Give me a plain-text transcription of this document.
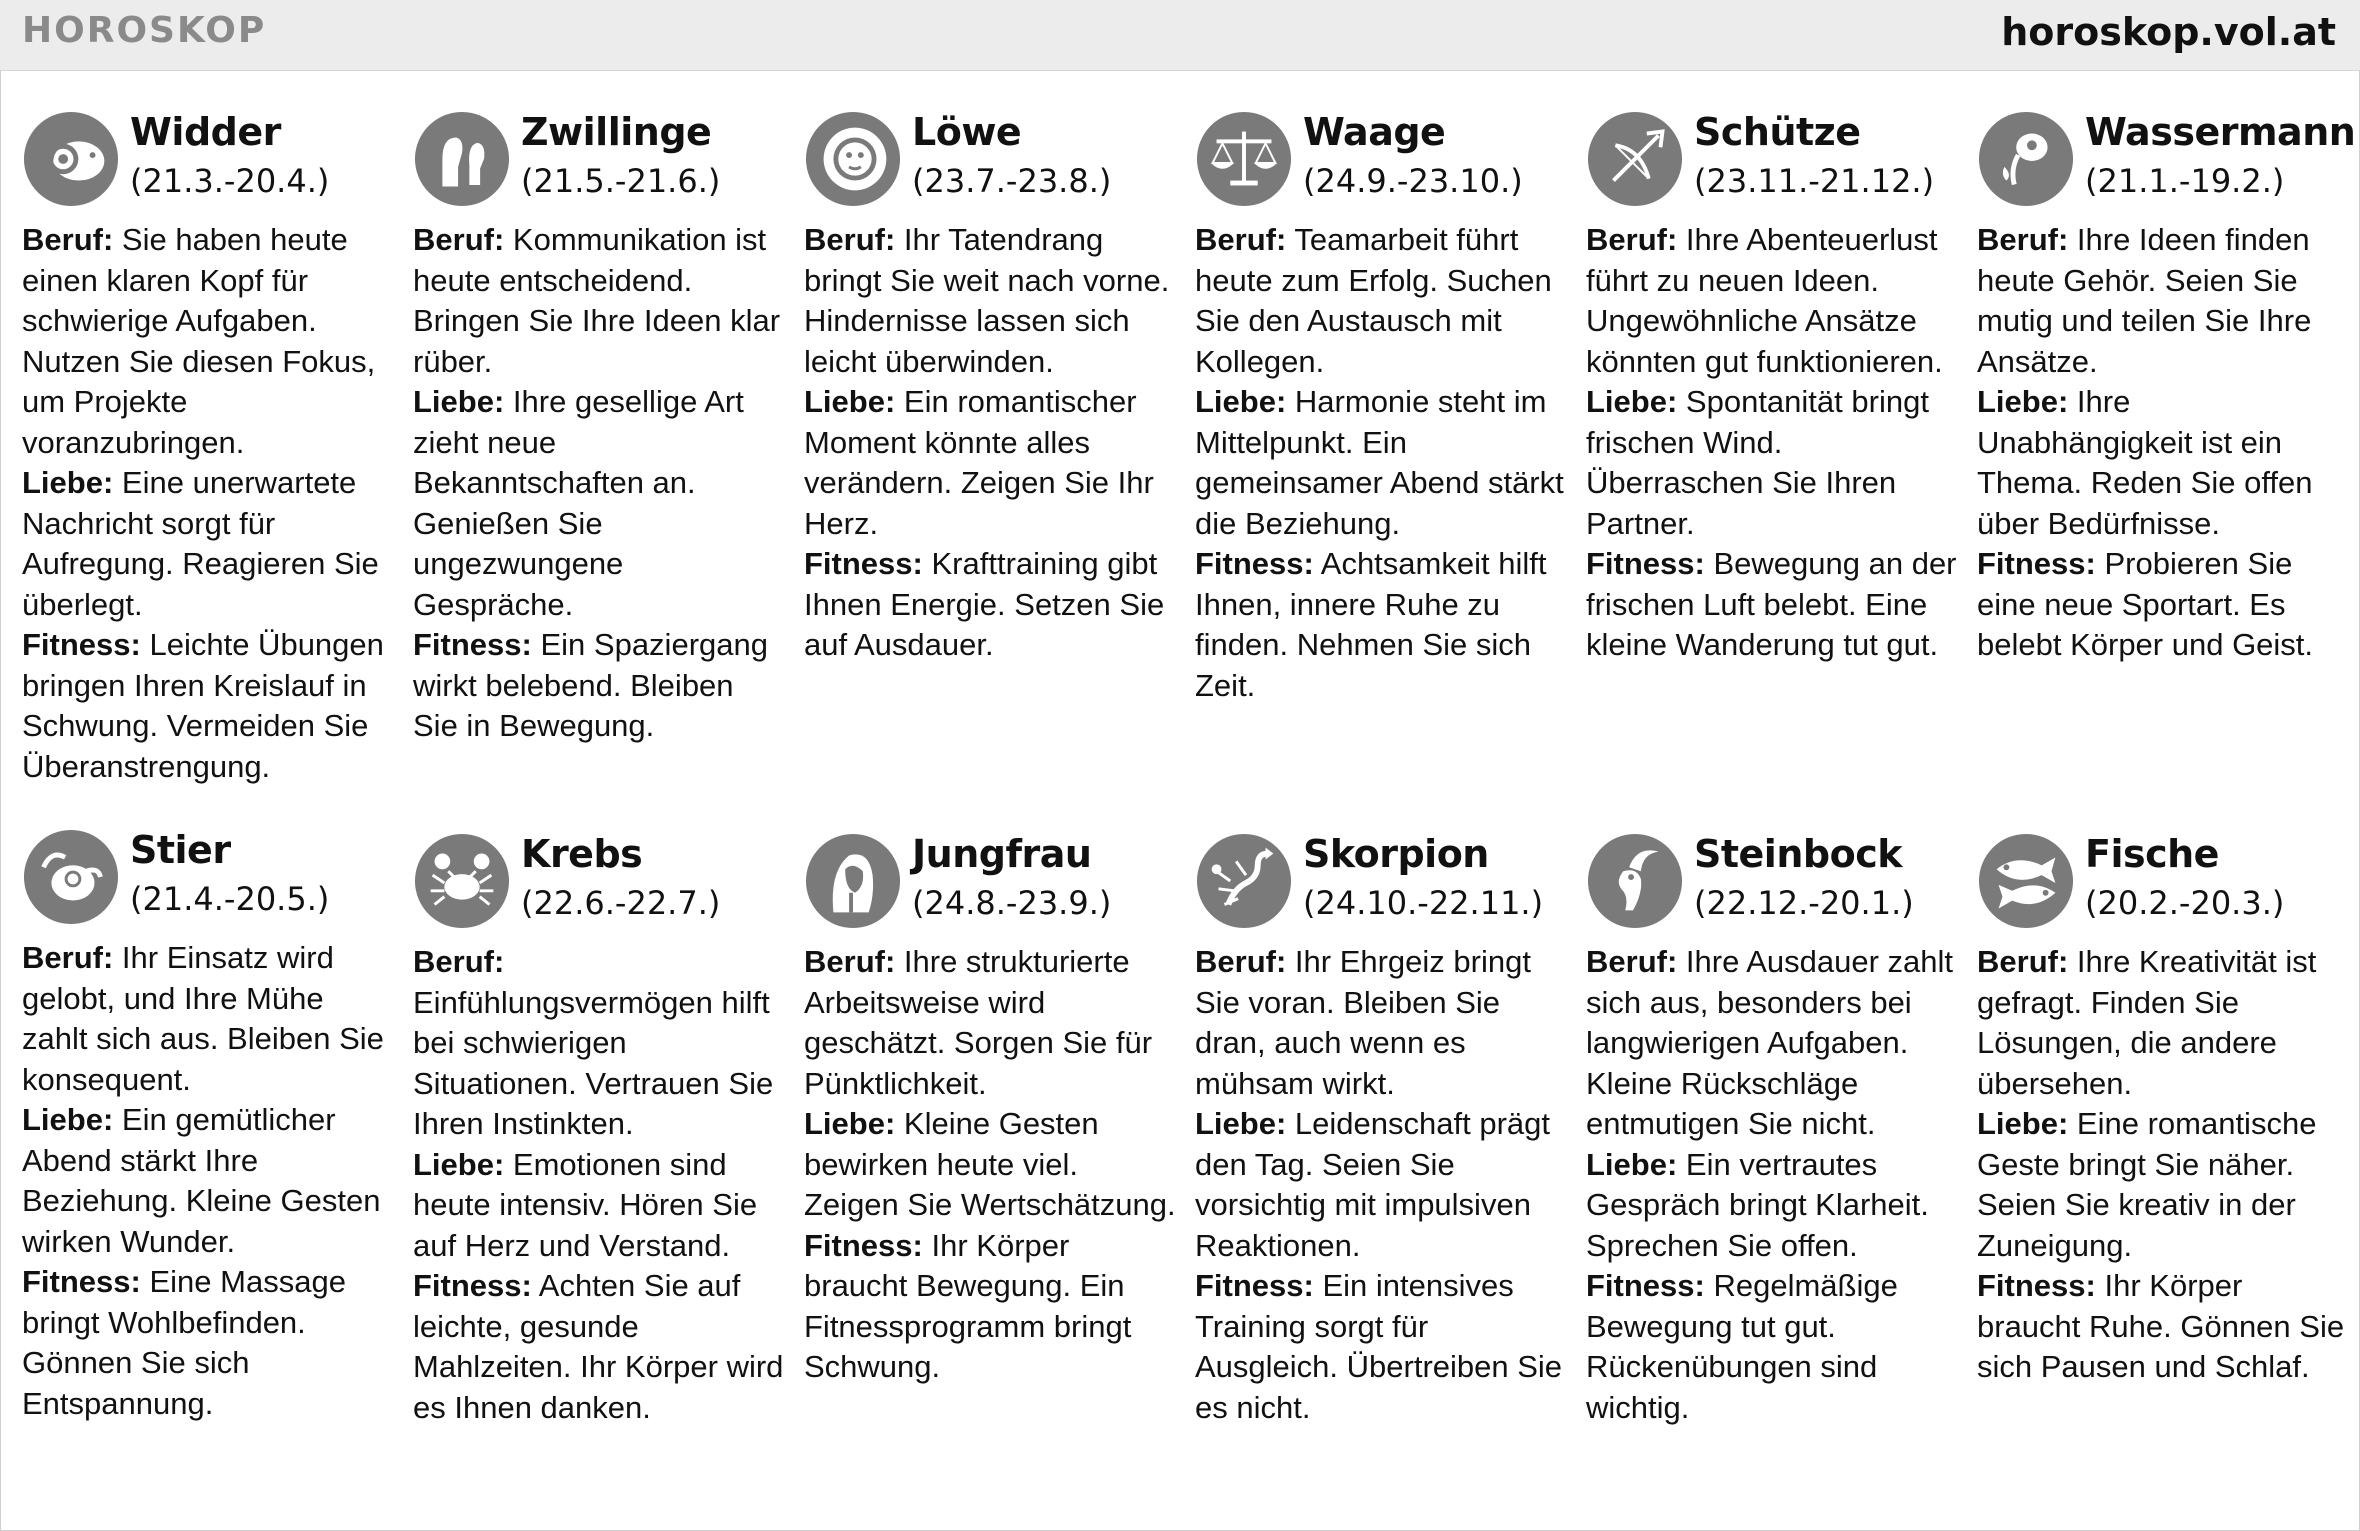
HOROSKOP	horoskop.vol.at
Widder
(21.3.-20.4.)
Beruf: Sie haben heute einen klaren Kopf für schwierige Aufgaben. Nutzen Sie diesen Fokus, um Projekte voranzubringen.
Liebe: Eine unerwartete Nachricht sorgt für Aufregung. Reagieren Sie überlegt.
Fitness: Leichte Übungen bringen Ihren Kreislauf in Schwung. Vermeiden Sie Überanstrengung.
Zwillinge
(21.5.-21.6.)
Beruf: Kommunikation ist heute entscheidend. Bringen Sie Ihre Ideen klar rüber.
Liebe: Ihre gesellige Art zieht neue Bekanntschaften an. Genießen Sie ungezwungene Gespräche.
Fitness: Ein Spaziergang wirkt belebend. Bleiben Sie in Bewegung.
Löwe
(23.7.-23.8.)
Beruf: Ihr Tatendrang bringt Sie weit nach vorne. Hindernisse lassen sich leicht überwinden.
Liebe: Ein romantischer Moment könnte alles verändern. Zeigen Sie Ihr Herz.
Fitness: Krafttraining gibt Ihnen Energie. Setzen Sie auf Ausdauer.
Waage
(24.9.-23.10.)
Beruf: Teamarbeit führt heute zum Erfolg. Suchen Sie den Austausch mit Kollegen.
Liebe: Harmonie steht im Mittelpunkt. Ein gemeinsamer Abend stärkt die Beziehung.
Fitness: Achtsamkeit hilft Ihnen, innere Ruhe zu finden. Nehmen Sie sich Zeit.
Schütze
(23.11.-21.12.)
Beruf: Ihre Abenteuerlust führt zu neuen Ideen. Ungewöhnliche Ansätze könnten gut funktionieren.
Liebe: Spontanität bringt frischen Wind. Überraschen Sie Ihren Partner.
Fitness: Bewegung an der frischen Luft belebt. Eine kleine Wanderung tut gut.
Wassermann
(21.1.-19.2.)
Beruf: Ihre Ideen finden heute Gehör. Seien Sie mutig und teilen Sie Ihre Ansätze.
Liebe: Ihre Unabhängigkeit ist ein Thema. Reden Sie offen über Bedürfnisse.
Fitness: Probieren Sie eine neue Sportart. Es belebt Körper und Geist.
Stier
(21.4.-20.5.)
Beruf: Ihr Einsatz wird gelobt, und Ihre Mühe zahlt sich aus. Bleiben Sie konsequent.
Liebe: Ein gemütlicher Abend stärkt Ihre Beziehung. Kleine Gesten wirken Wunder.
Fitness: Eine Massage bringt Wohlbefinden. Gönnen Sie sich Entspannung.
Krebs
(22.6.-22.7.)
Beruf: Einfühlungsvermögen hilft bei schwierigen Situationen. Vertrauen Sie Ihren Instinkten.
Liebe: Emotionen sind heute intensiv. Hören Sie auf Herz und Verstand.
Fitness: Achten Sie auf leichte, gesunde Mahlzeiten. Ihr Körper wird es Ihnen danken.
Jungfrau
(24.8.-23.9.)
Beruf: Ihre strukturierte Arbeitsweise wird geschätzt. Sorgen Sie für Pünktlichkeit.
Liebe: Kleine Gesten bewirken heute viel. Zeigen Sie Wertschätzung.
Fitness: Ihr Körper braucht Bewegung. Ein Fitnessprogramm bringt Schwung.
Skorpion
(24.10.-22.11.)
Beruf: Ihr Ehrgeiz bringt Sie voran. Bleiben Sie dran, auch wenn es mühsam wirkt.
Liebe: Leidenschaft prägt den Tag. Seien Sie vorsichtig mit impulsiven Reaktionen.
Fitness: Ein intensives Training sorgt für Ausgleich. Übertreiben Sie es nicht.
Steinbock
(22.12.-20.1.)
Beruf: Ihre Ausdauer zahlt sich aus, besonders bei langwierigen Aufgaben. Kleine Rückschläge entmutigen Sie nicht.
Liebe: Ein vertrautes Gespräch bringt Klarheit. Sprechen Sie offen.
Fitness: Regelmäßige Bewegung tut gut. Rückenübungen sind wichtig.
Fische
(20.2.-20.3.)
Beruf: Ihre Kreativität ist gefragt. Finden Sie Lösungen, die andere übersehen.
Liebe: Eine romantische Geste bringt Sie näher. Seien Sie kreativ in der Zuneigung.
Fitness: Ihr Körper braucht Ruhe. Gönnen Sie sich Pausen und Schlaf.
